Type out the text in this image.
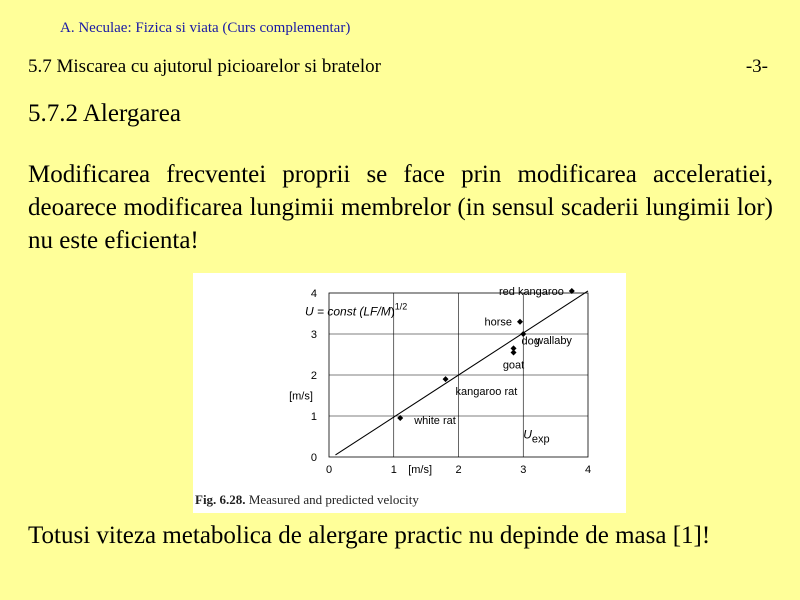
A. Neculae: Fizica si viata (Curs complementar)
5.7 Miscarea cu ajutorul picioarelor si bratelor	-3-
5.7.2 Alergarea
Modificarea frecventei proprii se face prin modificarea acceleratiei, deoarece modificarea lungimii membrelor (in sensul scaderii lungimii lor) nu este eficienta!
[m/s]
[m/s]
U = const $(LF/M)^{1/2}$
Uexp
0	1	2	3	4
0
1
2
3
4	red kangaroo
horse
wallaby
dog
goat
kangaroo rat
white rat
Fig. 6.28. Measured and predicted velocity
Totusi viteza metabolica de alergare practic nu depinde de masa [1]!
